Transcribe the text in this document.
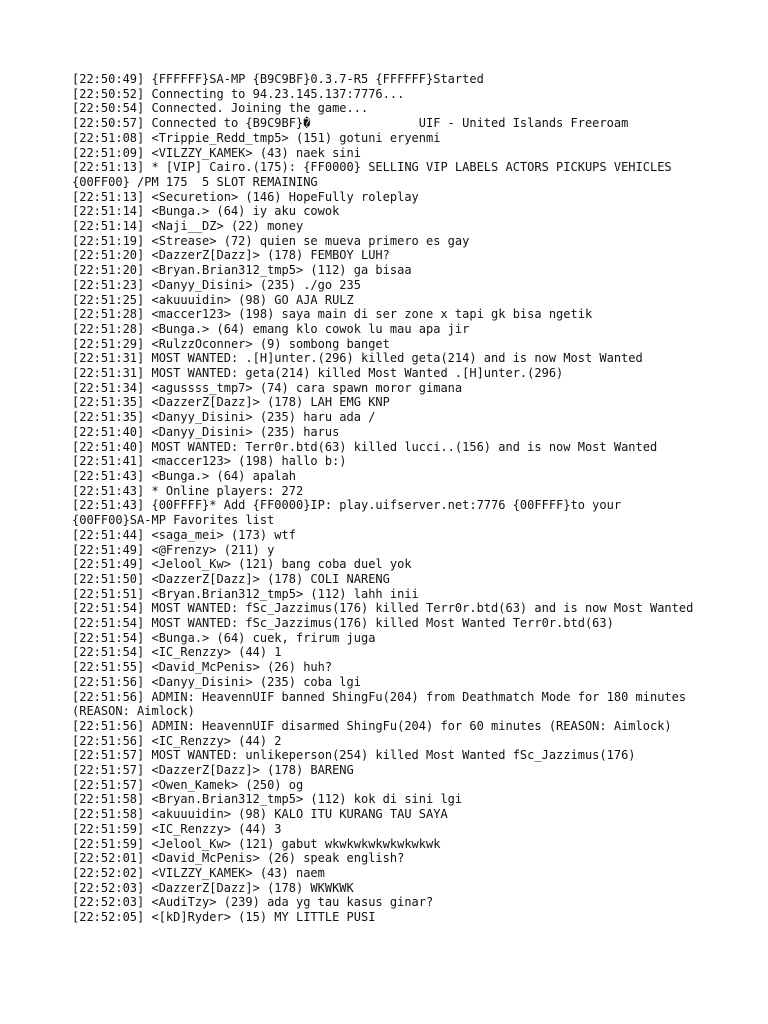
[22:50:49] {FFFFFF}SA-MP {B9C9BF}0.3.7-R5 {FFFFFF}Started
[22:50:52] Connecting to 94.23.145.137:7776...
[22:50:54] Connected. Joining the game...
[22:50:57] Connected to {B9C9BF}�               UIF - United Islands Freeroam
[22:51:08] <Trippie_Redd_tmp5> (151) gotuni eryenmi
[22:51:09] <VILZZY_KAMEK> (43) naek sini
[22:51:13] * [VIP] Cairo.(175): {FF0000} SELLING VIP LABELS ACTORS PICKUPS VEHICLES {00FF00} /PM 175  5 SLOT REMAINING
[22:51:13] <Securetion> (146) HopeFully roleplay
[22:51:14] <Bunga.> (64) iy aku cowok
[22:51:14] <Naji__DZ> (22) money
[22:51:19] <Strease> (72) quien se mueva primero es gay
[22:51:20] <DazzerZ[Dazz]> (178) FEMBOY LUH?
[22:51:20] <Bryan.Brian312_tmp5> (112) ga bisaa
[22:51:23] <Danyy_Disini> (235) ./go 235
[22:51:25] <akuuuidin> (98) GO AJA RULZ
[22:51:28] <maccer123> (198) saya main di ser zone x tapi gk bisa ngetik
[22:51:28] <Bunga.> (64) emang klo cowok lu mau apa jir
[22:51:29] <RulzzOconner> (9) sombong banget
[22:51:31] MOST WANTED: .[H]unter.(296) killed geta(214) and is now Most Wanted
[22:51:31] MOST WANTED: geta(214) killed Most Wanted .[H]unter.(296)
[22:51:34] <agussss_tmp7> (74) cara spawn moror gimana
[22:51:35] <DazzerZ[Dazz]> (178) LAH EMG KNP
[22:51:35] <Danyy_Disini> (235) haru ada /
[22:51:40] <Danyy_Disini> (235) harus
[22:51:40] MOST WANTED: Terr0r.btd(63) killed lucci..(156) and is now Most Wanted
[22:51:41] <maccer123> (198) hallo b:)
[22:51:43] <Bunga.> (64) apalah
[22:51:43] * Online players: 272
[22:51:43] {00FFFF}* Add {FF0000}IP: play.uifserver.net:7776 {00FFFF}to your {00FF00}SA-MP Favorites list
[22:51:44] <saga_mei> (173) wtf
[22:51:49] <@Frenzy> (211) y
[22:51:49] <Jelool_Kw> (121) bang coba duel yok
[22:51:50] <DazzerZ[Dazz]> (178) COLI NARENG
[22:51:51] <Bryan.Brian312_tmp5> (112) lahh inii
[22:51:54] MOST WANTED: fSc_Jazzimus(176) killed Terr0r.btd(63) and is now Most Wanted
[22:51:54] MOST WANTED: fSc_Jazzimus(176) killed Most Wanted Terr0r.btd(63)
[22:51:54] <Bunga.> (64) cuek, frirum juga
[22:51:54] <IC_Renzzy> (44) 1
[22:51:55] <David_McPenis> (26) huh?
[22:51:56] <Danyy_Disini> (235) coba lgi
[22:51:56] ADMIN: HeavennUIF banned ShingFu(204) from Deathmatch Mode for 180 minutes (REASON: Aimlock)
[22:51:56] ADMIN: HeavennUIF disarmed ShingFu(204) for 60 minutes (REASON: Aimlock)
[22:51:56] <IC_Renzzy> (44) 2
[22:51:57] MOST WANTED: unlikeperson(254) killed Most Wanted fSc_Jazzimus(176)
[22:51:57] <DazzerZ[Dazz]> (178) BARENG
[22:51:57] <Owen_Kamek> (250) og
[22:51:58] <Bryan.Brian312_tmp5> (112) kok di sini lgi
[22:51:58] <akuuuidin> (98) KALO ITU KURANG TAU SAYA
[22:51:59] <IC_Renzzy> (44) 3
[22:51:59] <Jelool_Kw> (121) gabut wkwkwkwkwkwkwkwk
[22:52:01] <David_McPenis> (26) speak english?
[22:52:02] <VILZZY_KAMEK> (43) naem
[22:52:03] <DazzerZ[Dazz]> (178) WKWKWK
[22:52:03] <AudiTzy> (239) ada yg tau kasus ginar?
[22:52:05] <[kD]Ryder> (15) MY LITTLE PUSI
